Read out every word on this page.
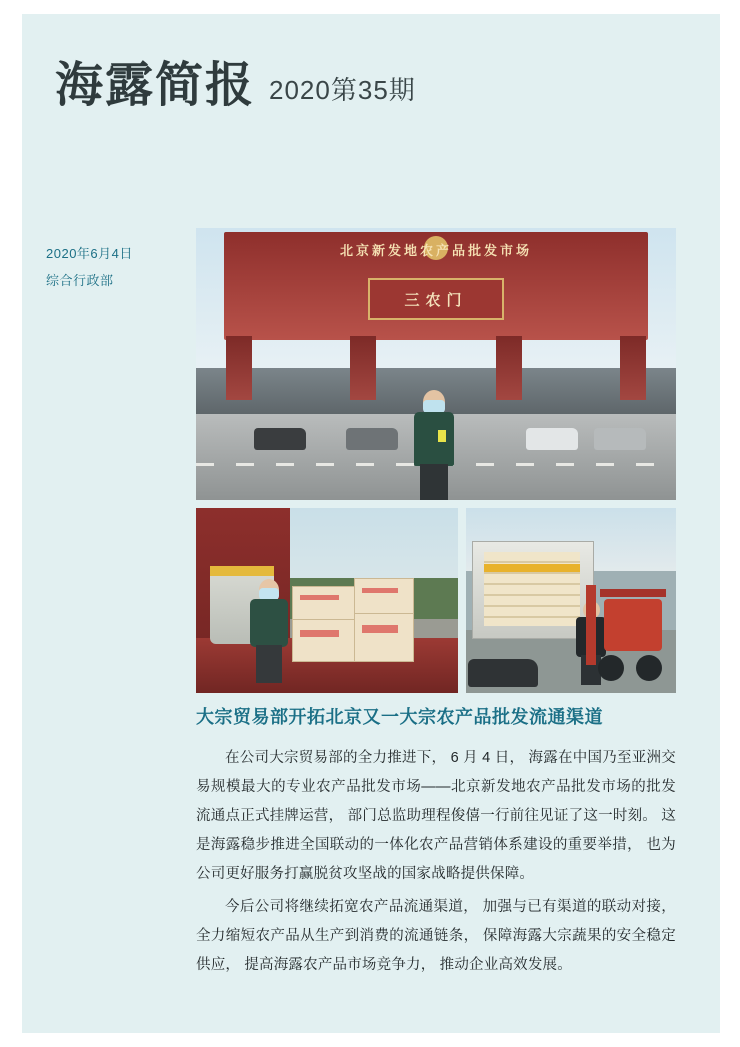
海露简报 2020第35期
2020年6月4日
综合行政部
北京新发地农产品批发市场
三农门
大宗贸易部开拓北京又一大宗农产品批发流通渠道

在公司大宗贸易部的全力推进下， 6 月 4 日， 海露在中国乃至亚洲交易规模最大的专业农产品批发市场——北京新发地农产品批发市场的批发流通点正式挂牌运营， 部门总监助理程俊僖一行前往见证了这一时刻。 这是海露稳步推进全国联动的一体化农产品营销体系建设的重要举措， 也为公司更好服务打赢脱贫攻坚战的国家战略提供保障。

今后公司将继续拓宽农产品流通渠道， 加强与已有渠道的联动对接， 全力缩短农产品从生产到消费的流通链条， 保障海露大宗蔬果的安全稳定供应， 提高海露农产品市场竞争力， 推动企业高效发展。
